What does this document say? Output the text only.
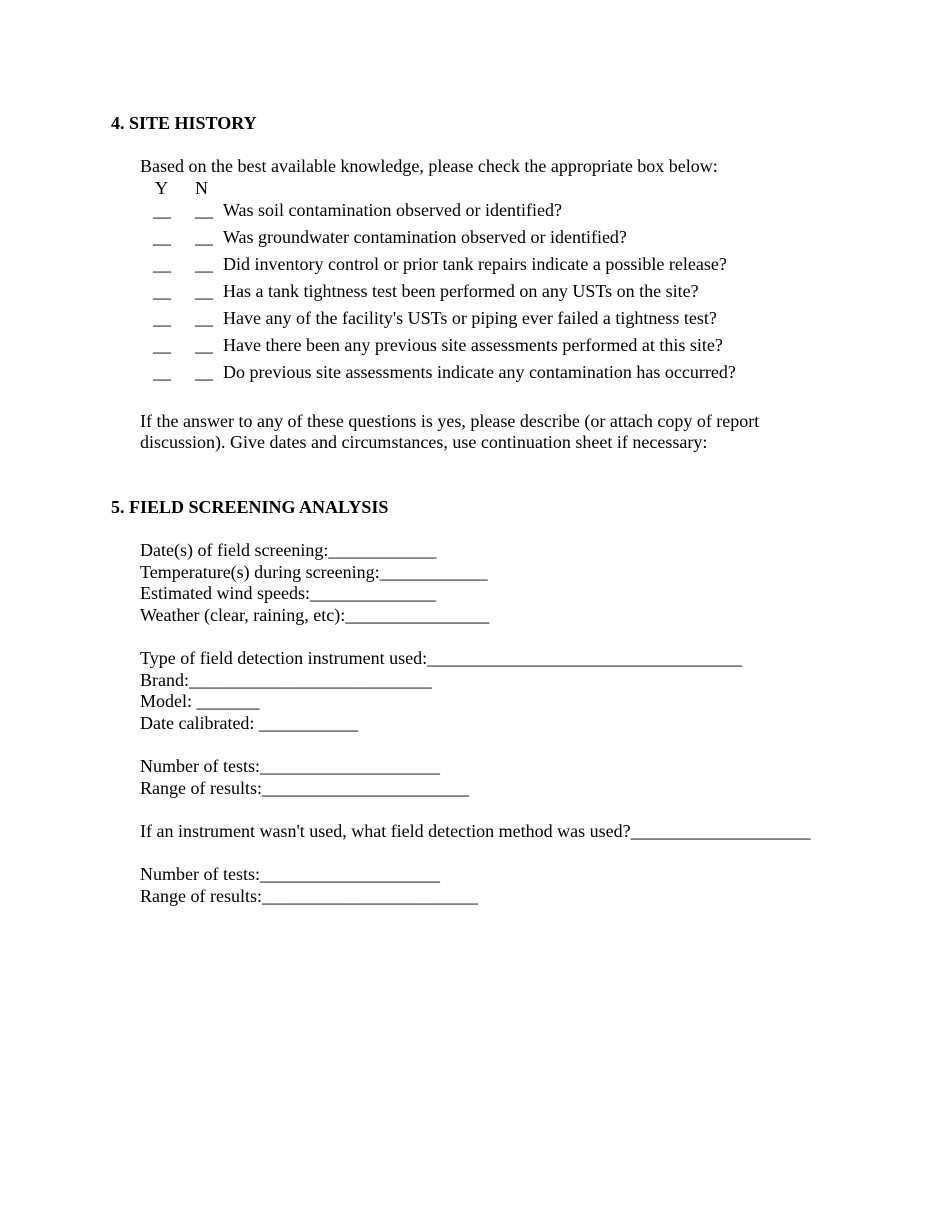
4. SITE HISTORY
Based on the best available knowledge, please check the appropriate box below:
Y N
__ __ Was soil contamination observed or identified?
__ __ Was groundwater contamination observed or identified?
__ __ Did inventory control or prior tank repairs indicate a possible release?
__ __ Has a tank tightness test been performed on any USTs on the site?
__ __ Have any of the facility's USTs or piping ever failed a tightness test?
__ __ Have there been any previous site assessments performed at this site?
__ __ Do previous site assessments indicate any contamination has occurred?
If the answer to any of these questions is yes, please describe (or attach copy of report
discussion). Give dates and circumstances, use continuation sheet if necessary:
5. FIELD SCREENING ANALYSIS
Date(s) of field screening:____________
Temperature(s) during screening:____________
Estimated wind speeds:______________
Weather (clear, raining, etc):________________
Type of field detection instrument used:___________________________________
Brand:___________________________
Model: _______
Date calibrated: ___________
Number of tests:____________________
Range of results:_______________________
If an instrument wasn't used, what field detection method was used?____________________
Number of tests:____________________
Range of results:________________________
